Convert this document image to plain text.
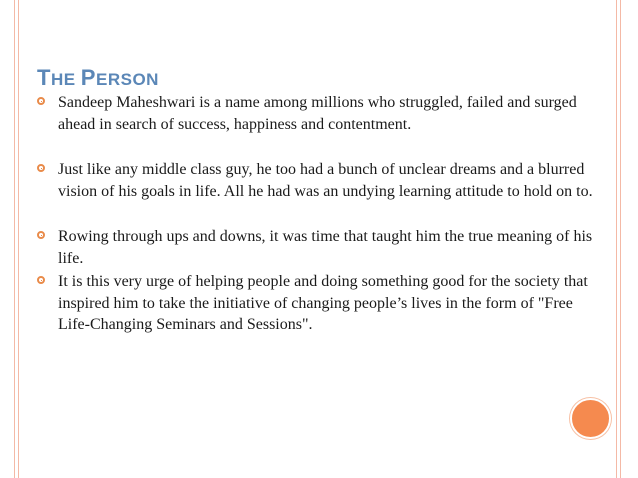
THE PERSON
Sandeep Maheshwari is a name among millions who struggled, failed and surged ahead in search of success, happiness and contentment.
Just like any middle class guy, he too had a bunch of unclear dreams and a blurred vision of his goals in life. All he had was an undying learning attitude to hold on to.
Rowing through ups and downs, it was time that taught him the true meaning of his life.
It is this very urge of helping people and doing something good for the society that inspired him to take the initiative of changing people’s lives in the form of "Free Life-Changing Seminars and Sessions".
